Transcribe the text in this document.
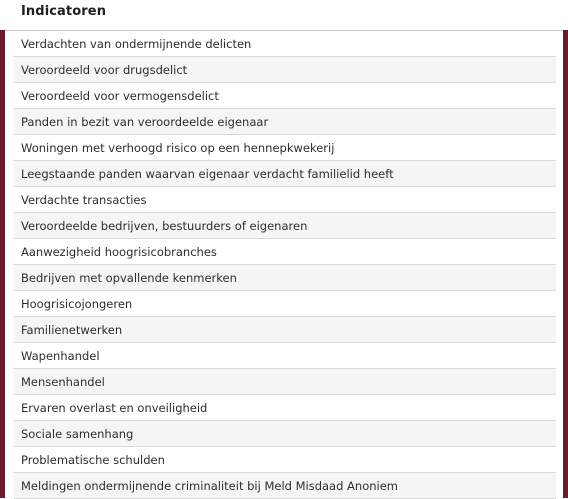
Indicatoren
Verdachten van ondermijnende delicten
Veroordeeld voor drugsdelict
Veroordeeld voor vermogensdelict
Panden in bezit van veroordeelde eigenaar
Woningen met verhoogd risico op een hennepkwekerij
Leegstaande panden waarvan eigenaar verdacht familielid heeft
Verdachte transacties
Veroordeelde bedrijven, bestuurders of eigenaren
Aanwezigheid hoogrisicobranches
Bedrijven met opvallende kenmerken
Hoogrisicojongeren
Familienetwerken
Wapenhandel
Mensenhandel
Ervaren overlast en onveiligheid
Sociale samenhang
Problematische schulden
Meldingen ondermijnende criminaliteit bij Meld Misdaad Anoniem
